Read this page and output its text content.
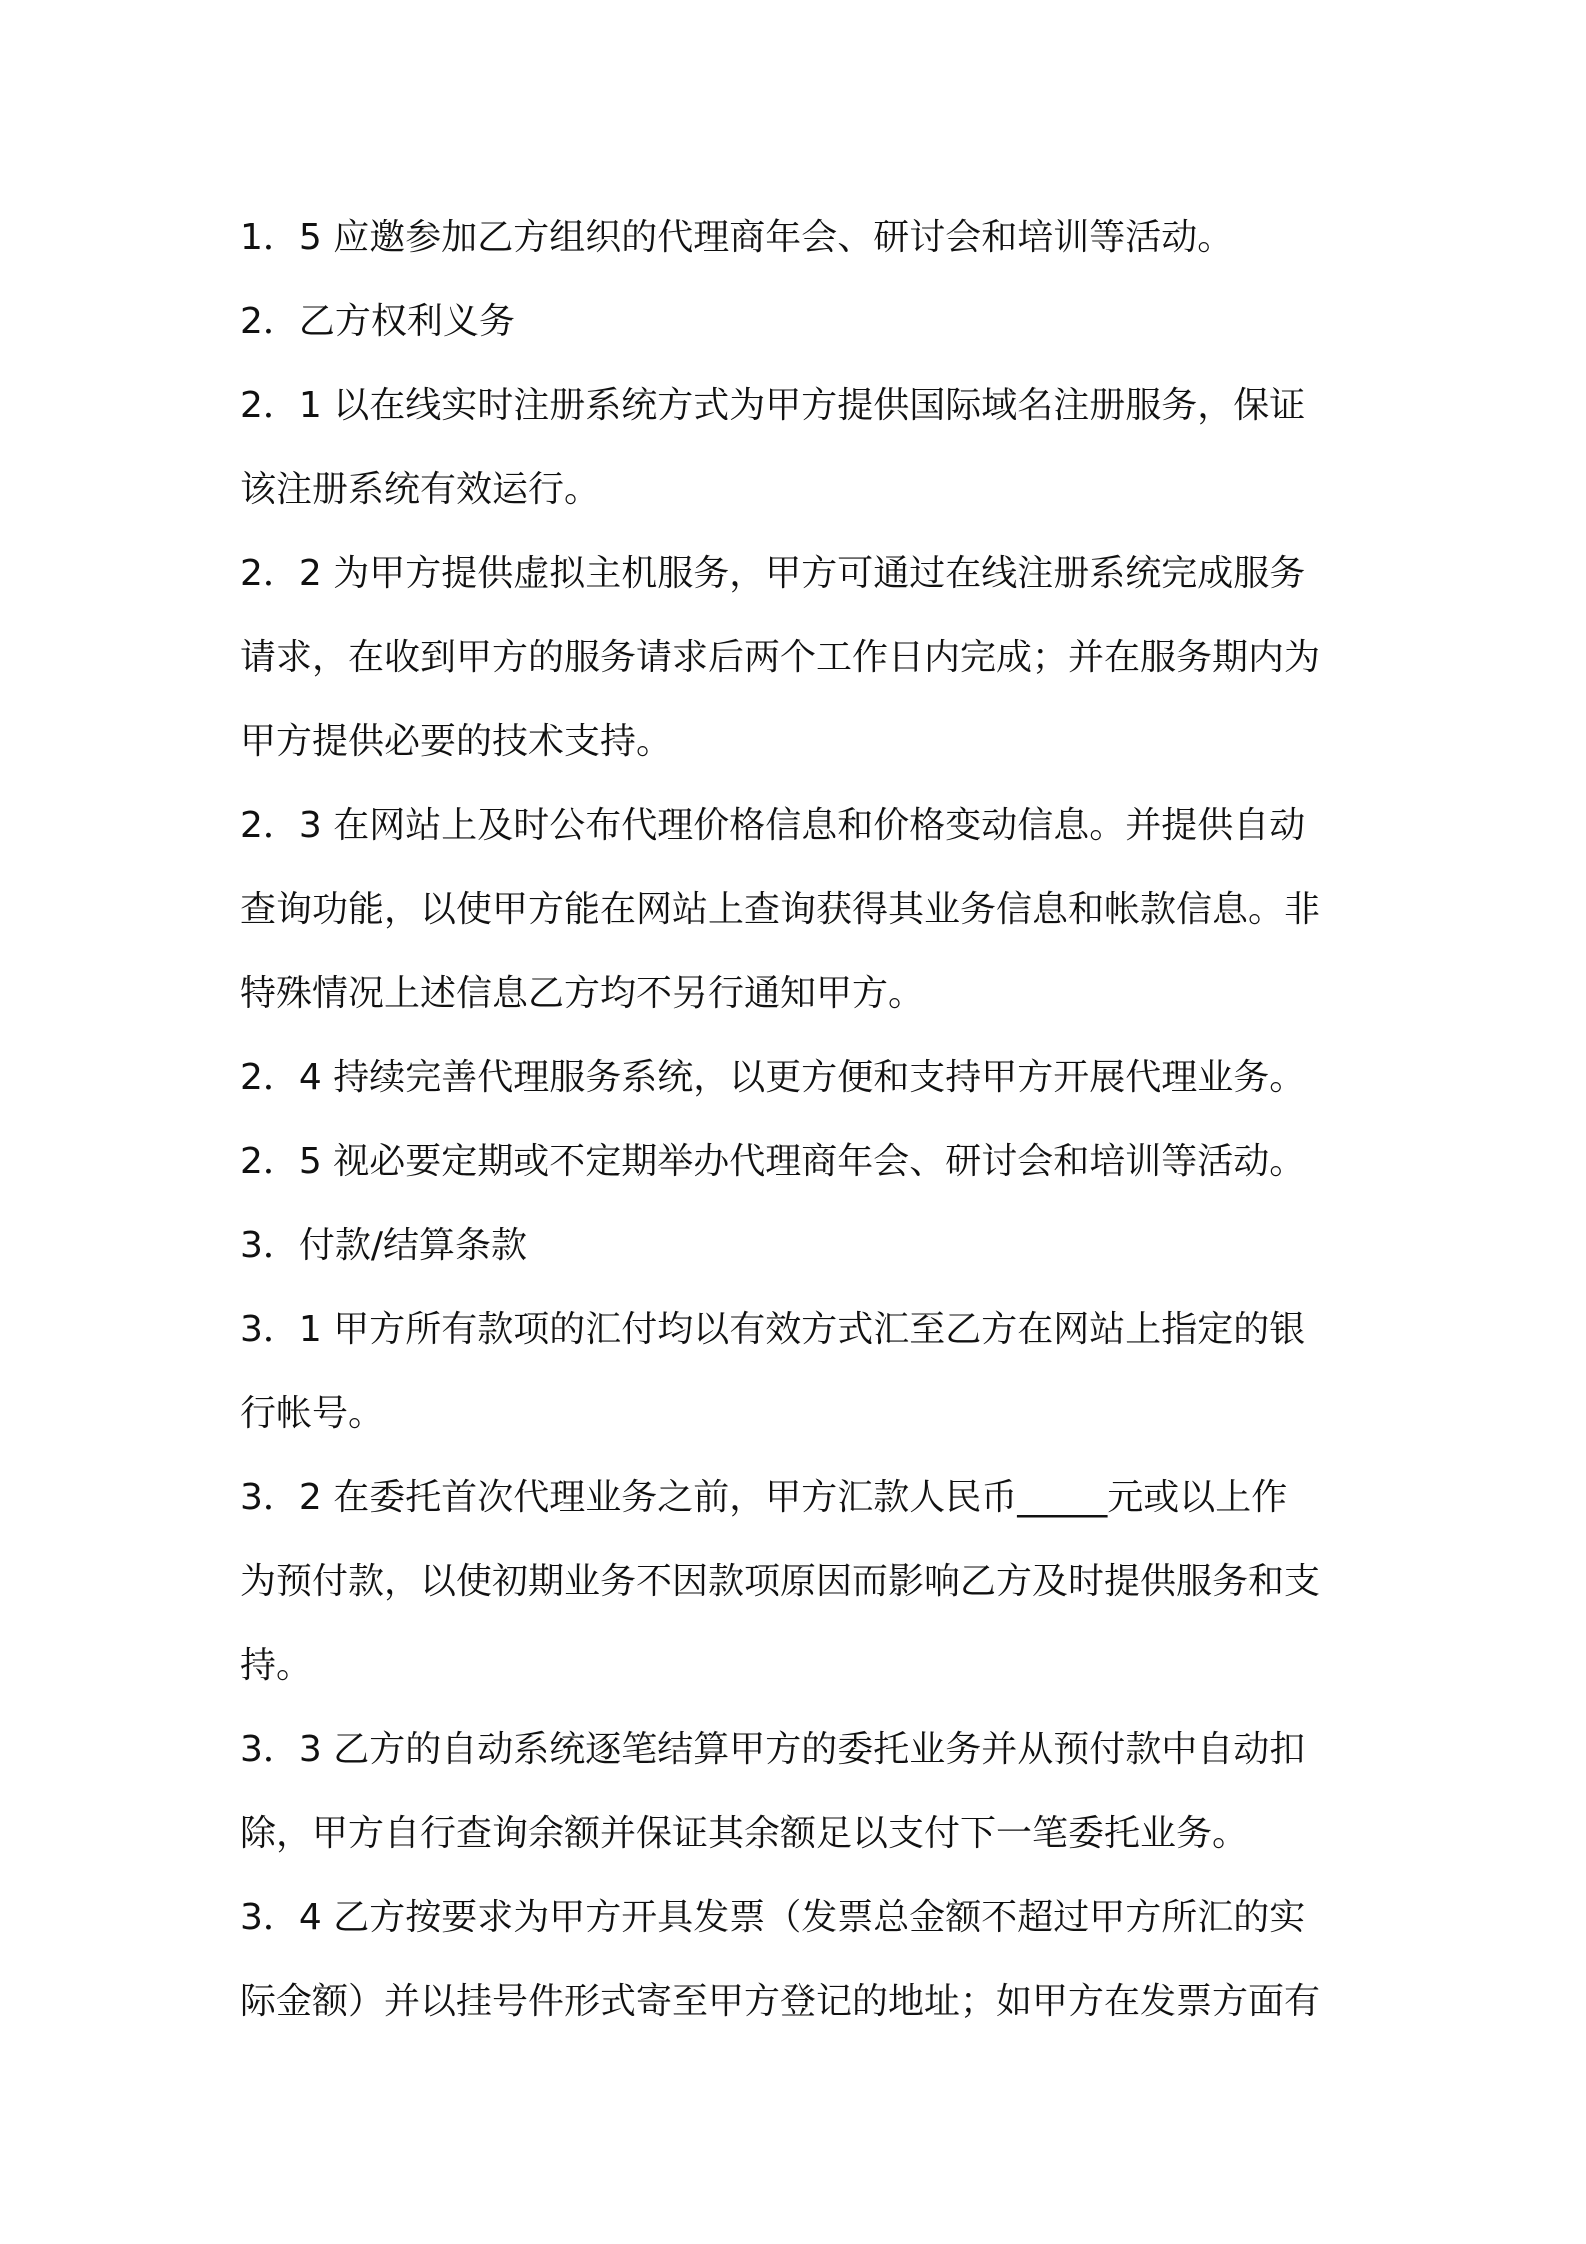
1．5 应邀参加乙方组织的代理商年会、研讨会和培训等活动。
2．乙方权利义务
2．1 以在线实时注册系统方式为甲方提供国际域名注册服务，保证
该注册系统有效运行。
2．2 为甲方提供虚拟主机服务，甲方可通过在线注册系统完成服务
请求，在收到甲方的服务请求后两个工作日内完成；并在服务期内为
甲方提供必要的技术支持。
2．3 在网站上及时公布代理价格信息和价格变动信息。并提供自动
查询功能，以使甲方能在网站上查询获得其业务信息和帐款信息。非
特殊情况上述信息乙方均不另行通知甲方。
2．4 持续完善代理服务系统，以更方便和支持甲方开展代理业务。
2．5 视必要定期或不定期举办代理商年会、研讨会和培训等活动。
3．付款/结算条款
3．1 甲方所有款项的汇付均以有效方式汇至乙方在网站上指定的银
行帐号。
3．2 在委托首次代理业务之前，甲方汇款人民币_____元或以上作
为预付款，以使初期业务不因款项原因而影响乙方及时提供服务和支
持。
3．3 乙方的自动系统逐笔结算甲方的委托业务并从预付款中自动扣
除，甲方自行查询余额并保证其余额足以支付下一笔委托业务。
3．4 乙方按要求为甲方开具发票（发票总金额不超过甲方所汇的实
际金额）并以挂号件形式寄至甲方登记的地址；如甲方在发票方面有
